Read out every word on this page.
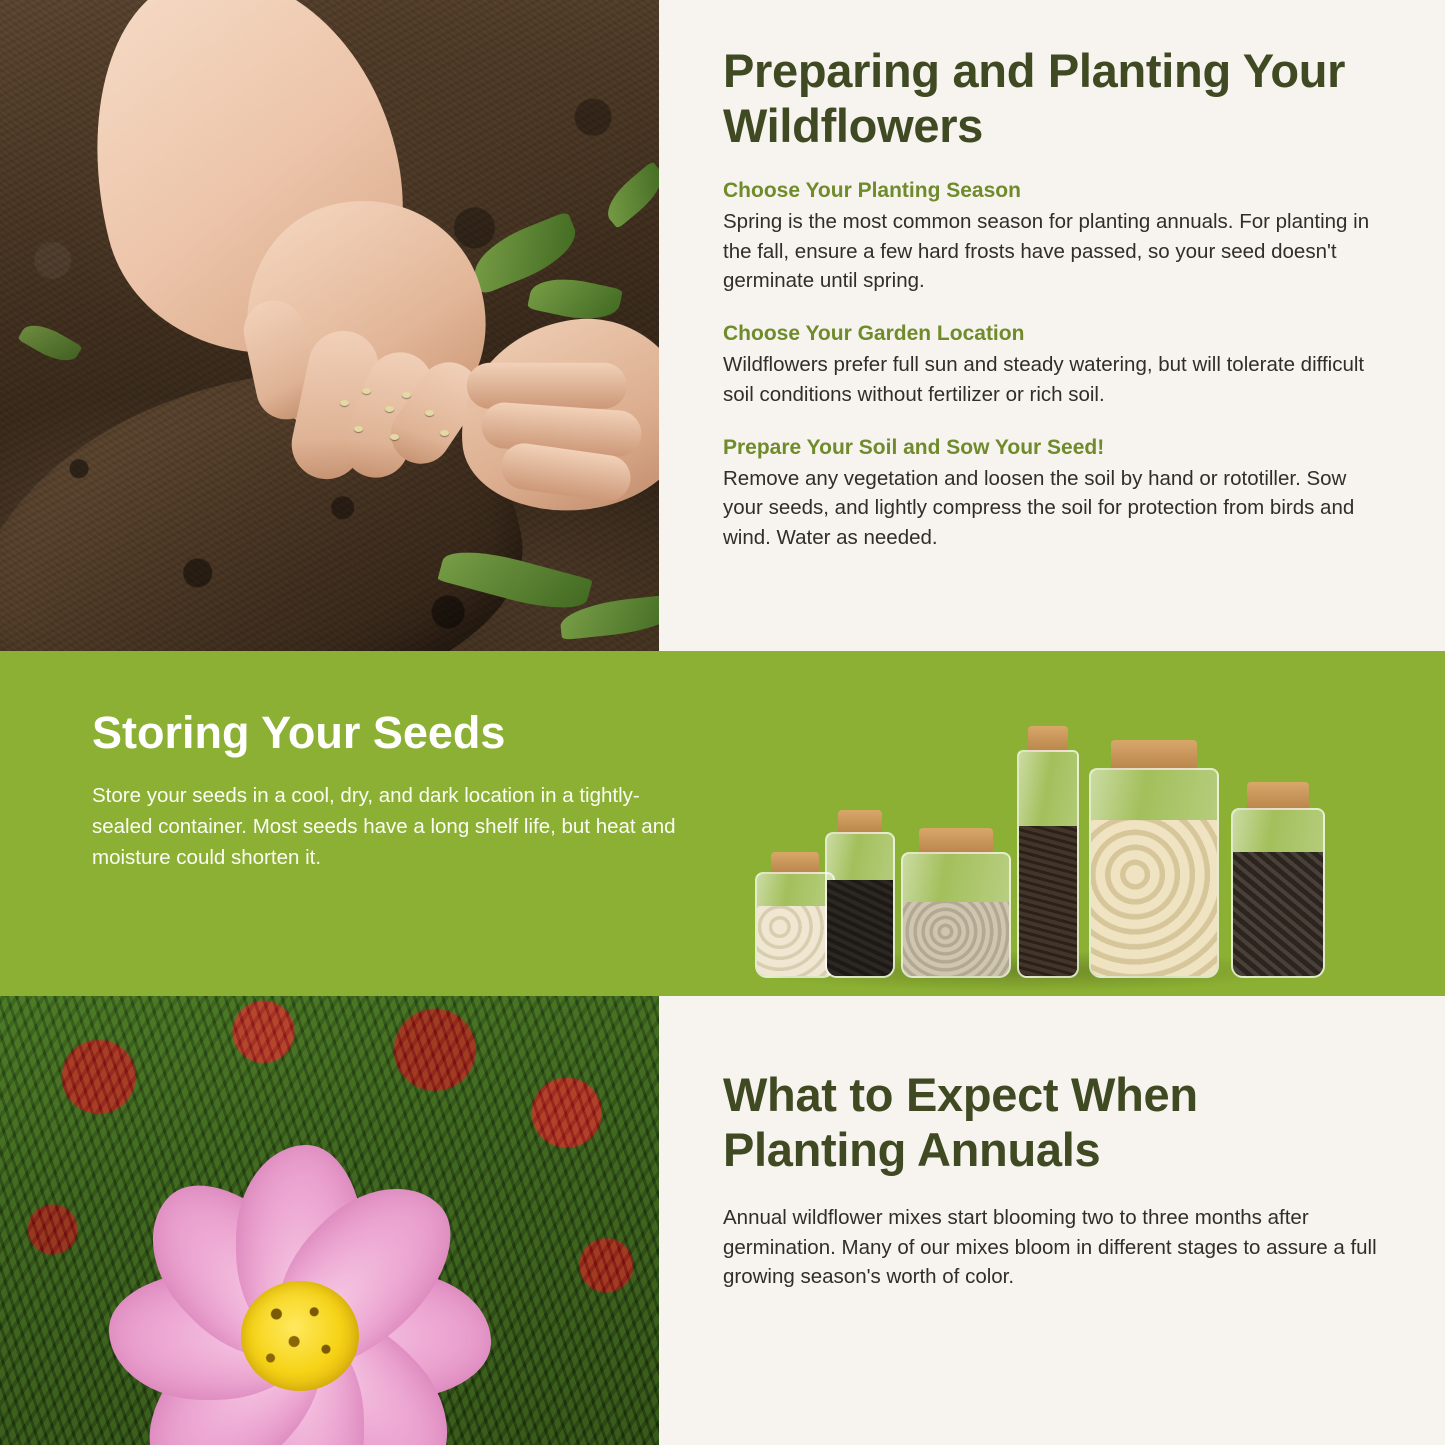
Preparing and Planting Your Wildflowers
Choose Your Planting Season

Spring is the most common season for planting annuals. For planting in the fall, ensure a few hard frosts have passed, so your seed doesn't germinate until spring.

Choose Your Garden Location

Wildflowers prefer full sun and steady watering, but will tolerate difficult soil conditions without fertilizer or rich soil.

Prepare Your Soil and Sow Your Seed!

Remove any vegetation and loosen the soil by hand or rototiller. Sow your seeds, and lightly compress the soil for protection from birds and wind. Water as needed.

Storing Your Seeds

Store your seeds in a cool, dry, and dark location in a tightly-sealed container. Most seeds have a long shelf life, but heat and moisture could shorten it.

What to Expect When Planting Annuals

Annual wildflower mixes start blooming two to three months after germination. Many of our mixes bloom in different stages to assure a full growing season's worth of color.
